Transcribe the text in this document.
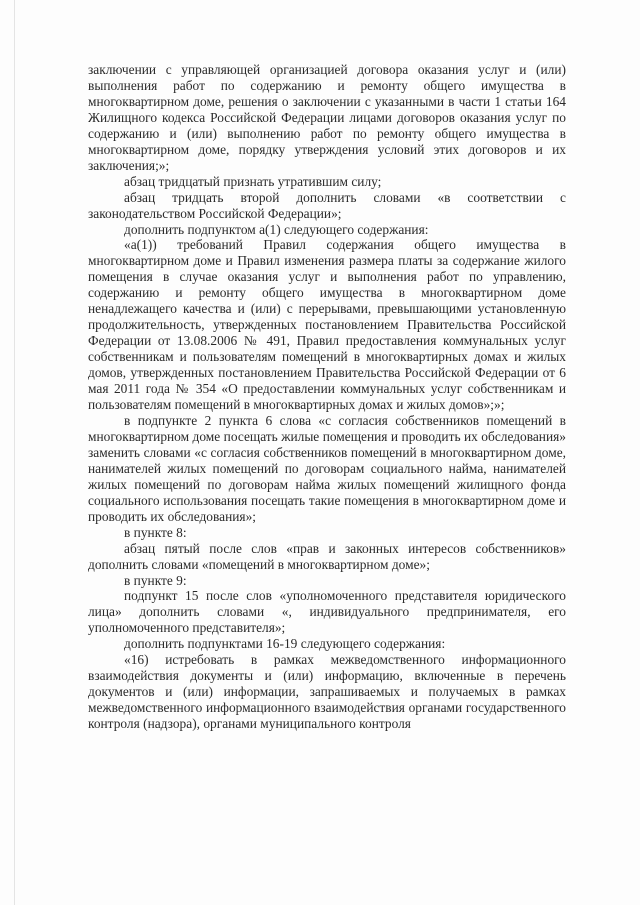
заключении с управляющей организацией договора оказания услуг и (или) выполнения работ по содержанию и ремонту общего имущества в многоквартирном доме, решения о заключении с указанными в части 1 статьи 164 Жилищного кодекса Российской Федерации лицами договоров оказания услуг по содержанию и (или) выполнению работ по ремонту общего имущества в многоквартирном доме, порядку утверждения условий этих договоров и их заключения;»;

абзац тридцатый признать утратившим силу;

абзац тридцать второй дополнить словами «в соответствии с законодательством Российской Федерации»;

дополнить подпунктом а(1) следующего содержания:

«а(1)) требований Правил содержания общего имущества в многоквартирном доме и Правил изменения размера платы за содержание жилого помещения в случае оказания услуг и выполнения работ по управлению, содержанию и ремонту общего имущества в многоквартирном доме ненадлежащего качества и (или) с перерывами, превышающими установленную продолжительность, утвержденных постановлением Правительства Российской Федерации от 13.08.2006 № 491, Правил предоставления коммунальных услуг собственникам и пользователям помещений в многоквартирных домах и жилых домов, утвержденных постановлением Правительства Российской Федерации от 6 мая 2011 года № 354 «О предоставлении коммунальных услуг собственникам и пользователям помещений в многоквартирных домах и жилых домов»;»;

в подпункте 2 пункта 6 слова «с согласия собственников помещений в многоквартирном доме посещать жилые помещения и проводить их обследования» заменить словами «с согласия собственников помещений в многоквартирном доме, нанимателей жилых помещений по договорам социального найма, нанимателей жилых помещений по договорам найма жилых помещений жилищного фонда социального использования посещать такие помещения в многоквартирном доме и проводить их обследования»;

в пункте 8:

абзац пятый после слов «прав и законных интересов собственников» дополнить словами «помещений в многоквартирном доме»;

в пункте 9:

подпункт 15 после слов «уполномоченного представителя юридического лица» дополнить словами «, индивидуального предпринимателя, его уполномоченного представителя»;

дополнить подпунктами 16-19 следующего содержания:

«16) истребовать в рамках межведомственного информационного взаимодействия документы и (или) информацию, включенные в перечень документов и (или) информации, запрашиваемых и получаемых в рамках межведомственного информационного взаимодействия органами государственного контроля (надзора), органами муниципального контроля
